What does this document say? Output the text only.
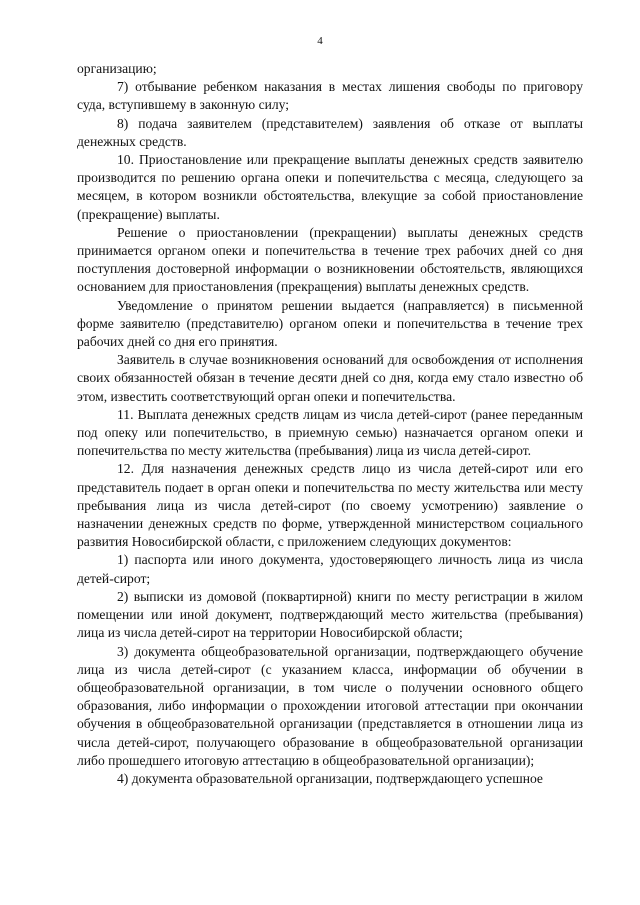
4

организацию;

7) отбывание ребенком наказания в местах лишения свободы по приговору суда, вступившему в законную силу;

8) подача заявителем (представителем) заявления об отказе от выплаты денежных средств.

10. Приостановление или прекращение выплаты денежных средств заявителю производится по решению органа опеки и попечительства с месяца, следующего за месяцем, в котором возникли обстоятельства, влекущие за собой приостановление (прекращение) выплаты.

Решение о приостановлении (прекращении) выплаты денежных средств принимается органом опеки и попечительства в течение трех рабочих дней со дня поступления достоверной информации о возникновении обстоятельств, являющихся основанием для приостановления (прекращения) выплаты денежных средств.

Уведомление о принятом решении выдается (направляется) в письменной форме заявителю (представителю) органом опеки и попечительства в течение трех рабочих дней со дня его принятия.

Заявитель в случае возникновения оснований для освобождения от исполнения своих обязанностей обязан в течение десяти дней со дня, когда ему стало известно об этом, известить соответствующий орган опеки и попечительства.

11. Выплата денежных средств лицам из числа детей-сирот (ранее переданным под опеку или попечительство, в приемную семью) назначается органом опеки и попечительства по месту жительства (пребывания) лица из числа детей-сирот.

12. Для назначения денежных средств лицо из числа детей-сирот или его представитель подает в орган опеки и попечительства по месту жительства или месту пребывания лица из числа детей-сирот (по своему усмотрению) заявление о назначении денежных средств по форме, утвержденной министерством социального развития Новосибирской области, с приложением следующих документов:

1) паспорта или иного документа, удостоверяющего личность лица из числа детей-сирот;

2) выписки из домовой (поквартирной) книги по месту регистрации в жилом помещении или иной документ, подтверждающий место жительства (пребывания) лица из числа детей-сирот на территории Новосибирской области;

3) документа общеобразовательной организации, подтверждающего обучение лица из числа детей-сирот (с указанием класса, информации об обучении в общеобразовательной организации, в том числе о получении основного общего образования, либо информации о прохождении итоговой аттестации при окончании обучения в общеобразовательной организации (представляется в отношении лица из числа детей-сирот, получающего образование в общеобразовательной организации либо прошедшего итоговую аттестацию в общеобразовательной организации);

4) документа образовательной организации, подтверждающего успешное
